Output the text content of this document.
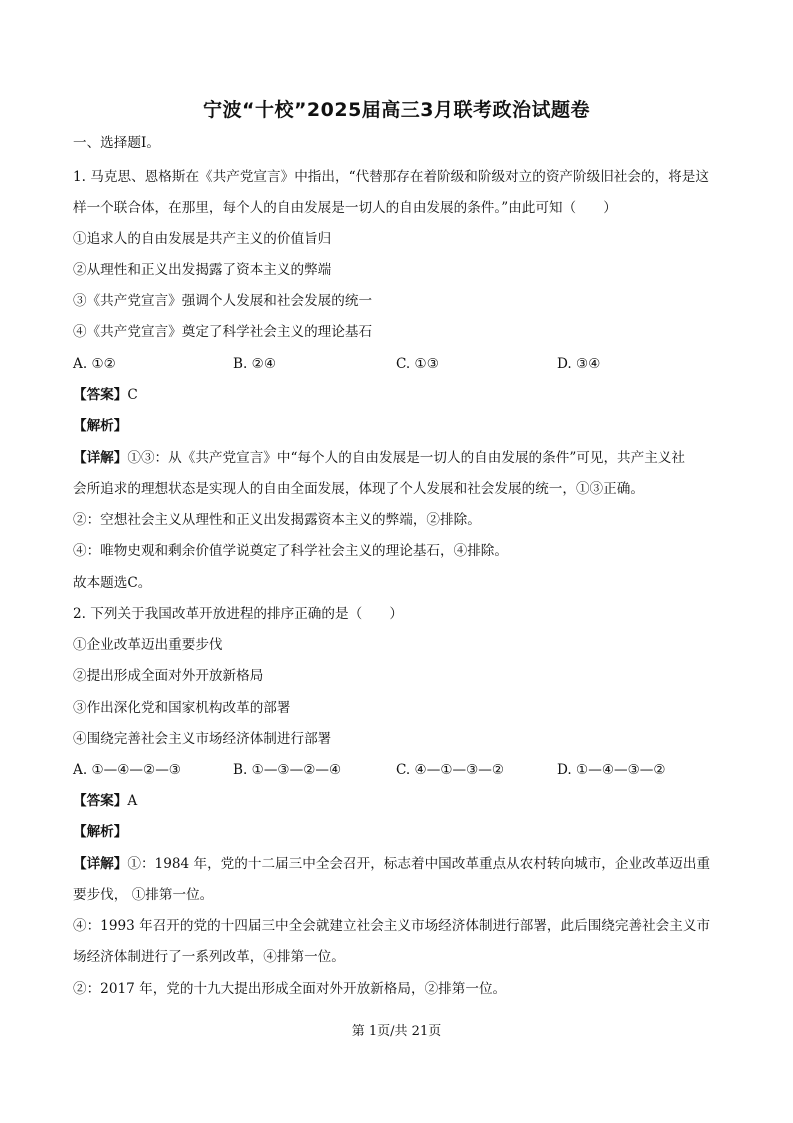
宁波“十校”2025届高三3月联考政治试题卷
一、选择题Ⅰ。
1. 马克思、恩格斯在《共产党宣言》中指出，“代替那存在着阶级和阶级对立的资产阶级旧社会的，将是这
样一个联合体，在那里，每个人的自由发展是一切人的自由发展的条件。”由此可知（　　）
①追求人的自由发展是共产主义的价值旨归
②从理性和正义出发揭露了资本主义的弊端
③《共产党宣言》强调个人发展和社会发展的统一
④《共产党宣言》奠定了科学社会主义的理论基石
A. ①②	B. ②④	C. ①③	D. ③④
【答案】C
【解析】
【详解】①③：从《共产党宣言》中“每个人的自由发展是一切人的自由发展的条件”可见，共产主义社
会所追求的理想状态是实现人的自由全面发展，体现了个人发展和社会发展的统一，①③正确。
②：空想社会主义从理性和正义出发揭露资本主义的弊端，②排除。
④：唯物史观和剩余价值学说奠定了科学社会主义的理论基石，④排除。
故本题选C。
2. 下列关于我国改革开放进程的排序正确的是（　　）
①企业改革迈出重要步伐
②提出形成全面对外开放新格局
③作出深化党和国家机构改革的部署
④围绕完善社会主义市场经济体制进行部署
A. ①—④—②—③	B. ①—③—②—④	C. ④—①—③—②	D. ①—④—③—②
【答案】A
【解析】
【详解】①：1984 年，党的十二届三中全会召开，标志着中国改革重点从农村转向城市，企业改革迈出重
要步伐， ①排第一位。
④：1993 年召开的党的十四届三中全会就建立社会主义市场经济体制进行部署，此后围绕完善社会主义市
场经济体制进行了一系列改革，④排第一位。
②：2017 年，党的十九大提出形成全面对外开放新格局，②排第一位。
第 1页/共 21页
